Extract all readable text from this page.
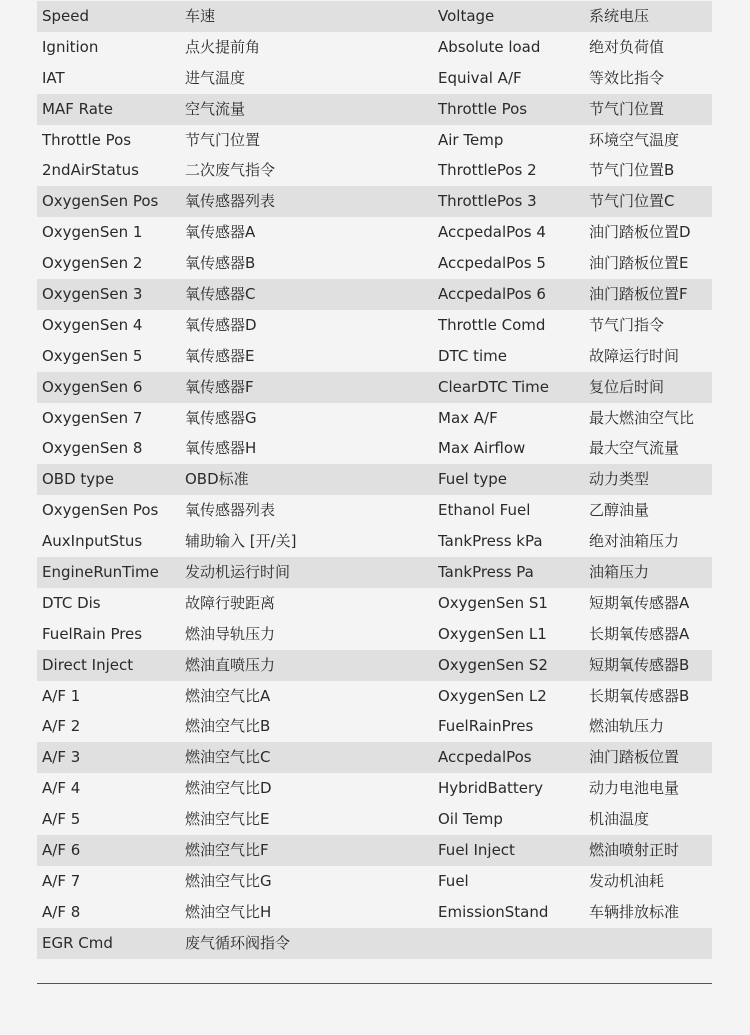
Speed	车速	Voltage	系统电压
Ignition	点火提前角	Absolute load	绝对负荷值
IAT	进气温度	Equival A/F	等效比指令
MAF Rate	空气流量	Throttle Pos	节气门位置
Throttle Pos	节气门位置	Air Temp	环境空气温度
2ndAirStatus	二次废气指令	ThrottlePos 2	节气门位置B
OxygenSen Pos 氧传感器列表	ThrottlePos 3	节气门位置C
OxygenSen 1	氧传感器A	AccpedalPos 4	油门踏板位置D
OxygenSen 2	氧传感器B	AccpedalPos 5	油门踏板位置E
OxygenSen 3	氧传感器C	AccpedalPos 6	油门踏板位置F
OxygenSen 4	氧传感器D	Throttle Comd	节气门指令
OxygenSen 5	氧传感器E	DTC time	故障运行时间
OxygenSen 6	氧传感器F	ClearDTC Time	复位后时间
OxygenSen 7	氧传感器G	Max A/F	最大燃油空气比
OxygenSen 8	氧传感器H	Max Airflow	最大空气流量
OBD type	OBD标准	Fuel type	动力类型
OxygenSen Pos 氧传感器列表	Ethanol Fuel	乙醇油量
AuxInputStus	辅助输入 [开/关]	TankPress kPa	绝对油箱压力
EngineRunTime 发动机运行时间	TankPress Pa	油箱压力
DTC Dis	故障行驶距离	OxygenSen S1	短期氧传感器A
FuelRain Pres	燃油导轨压力	OxygenSen L1	长期氧传感器A
Direct Inject	燃油直喷压力	OxygenSen S2	短期氧传感器B
A/F 1	燃油空气比A	OxygenSen L2	长期氧传感器B
A/F 2	燃油空气比B	FuelRainPres	燃油轨压力
A/F 3	燃油空气比C	AccpedalPos	油门踏板位置
A/F 4	燃油空气比D	HybridBattery	动力电池电量
A/F 5	燃油空气比E	Oil Temp	机油温度
A/F 6	燃油空气比F	Fuel Inject	燃油喷射正时
A/F 7	燃油空气比G	Fuel	发动机油耗
A/F 8	燃油空气比H	EmissionStand	车辆排放标准
EGR Cmd	废气循环阀指令
